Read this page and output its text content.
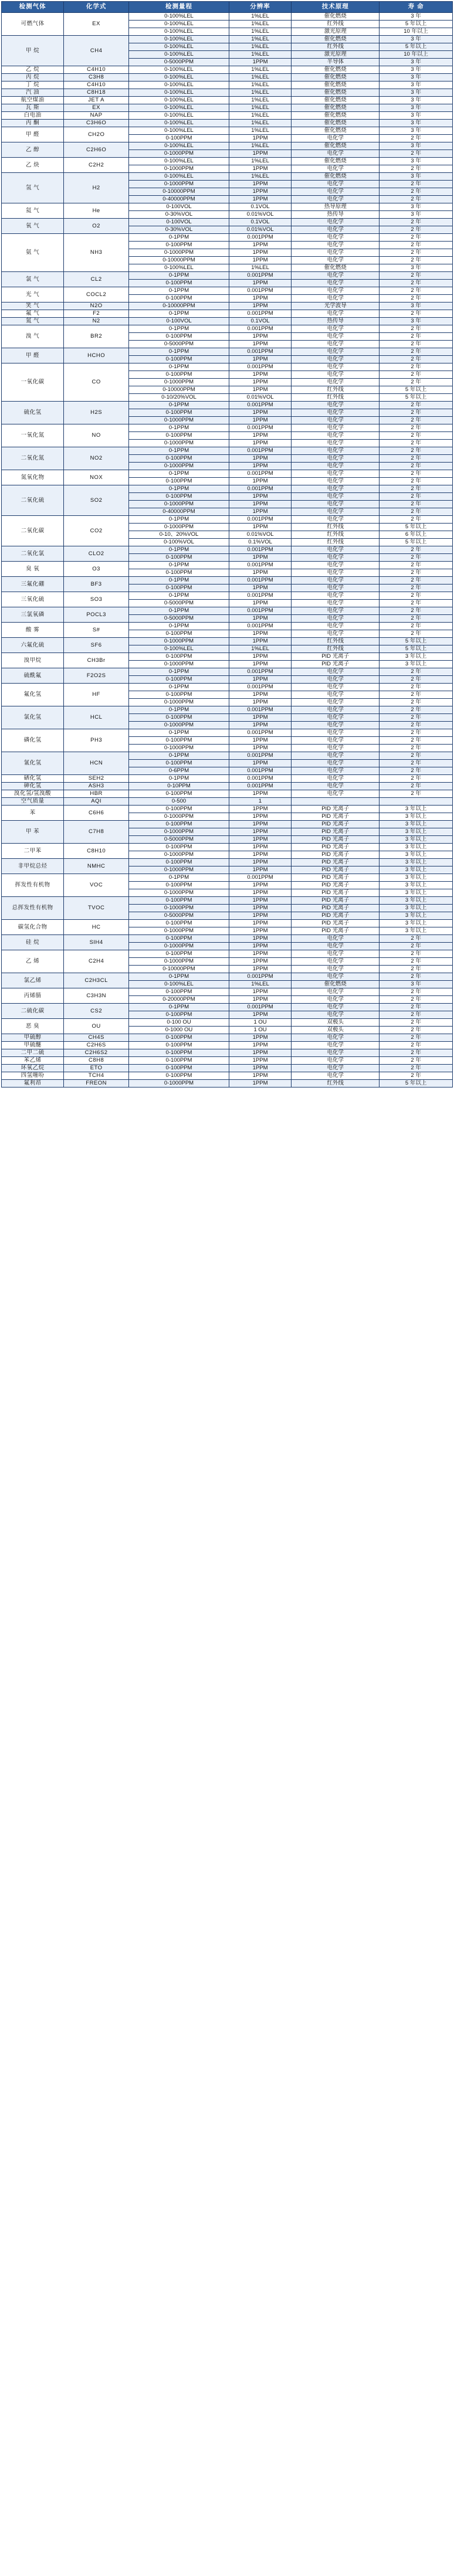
检测气体	化学式	检测量程	分辨率	技术原理	寿 命
可燃气体	EX	0-100%LEL	1%LEL	催化燃烧	3 年
		0-100%LEL	1%LEL	红外线	5 年以上
		0-100%LEL	1%LEL	激光原理	10 年以上
甲 烷	CH4	0-100%LEL	1%LEL	催化燃烧	3 年
		0-100%LEL	1%LEL	红外线	5 年以上
		0-100%LEL	1%LEL	激光原理	10 年以上
		0-5000PPM	1PPM	半导体	3 年
乙 烷	C4H10	0-100%LEL	1%LEL	催化燃烧	3 年
丙 烷	C3H8	0-100%LEL	1%LEL	催化燃烧	3 年
丁 烷	C4H10	0-100%LEL	1%LEL	催化燃烧	3 年
汽 油	C8H18	0-100%LEL	1%LEL	催化燃烧	3 年
航空煤油	JET A	0-100%LEL	1%LEL	催化燃烧	3 年
瓦 斯	EX	0-100%LEL	1%LEL	催化燃烧	3 年
白电油	NAP	0-100%LEL	1%LEL	催化燃烧	3 年
丙 酮	C3H6O	0-100%LEL	1%LEL	催化燃烧	3 年
甲 醛	CH2O	0-100%LEL	1%LEL	催化燃烧	3 年
		0-100PPM	1PPM	电化学	2 年
乙 醇	C2H6O	0-100%LEL	1%LEL	催化燃烧	3 年
		0-1000PPM	1PPM	电化学	2 年
乙 炔	C2H2	0-100%LEL	1%LEL	催化燃烧	3 年
		0-1000PPM	1PPM	电化学	2 年
氢 气	H2	0-100%LEL	1%LEL	催化燃烧	3 年
		0-1000PPM	1PPM	电化学	2 年
		0-10000PPM	1PPM	电化学	2 年
		0-40000PPM	1PPM	电化学	2 年
氦 气	He	0-100VOL	0.1VOL	热导原理	3 年
		0-30%VOL	0.01%VOL	热传导	3 年
氧 气	O2	0-100VOL	0.1VOL	电化学	2 年
		0-30%VOL	0.01%VOL	电化学	2 年
氨 气	NH3	0-1PPM	0.001PPM	电化学	2 年
		0-100PPM	1PPM	电化学	2 年
		0-1000PPM	1PPM	电化学	2 年
		0-10000PPM	1PPM	电化学	2 年
		0-100%LEL	1%LEL	催化燃烧	3 年
氯 气	CL2	0-1PPM	0.001PPM	电化学	2 年
		0-100PPM	1PPM	电化学	2 年
光 气	COCL2	0-1PPM	0.001PPM	电化学	2 年
		0-100PPM	1PPM	电化学	2 年
笑 气	N2O	0-10000PPM	1PPM	光学波导	3 年
氟 气	F2	0-1PPM	0.001PPM	电化学	2 年
氮 气	N2	0-100VOL	0.1VOL	热传导	3 年
溴 气	BR2	0-1PPM	0.001PPM	电化学	2 年
		0-100PPM	1PPM	电化学	2 年
		0-5000PPM	1PPM	电化学	2 年
甲 醛	HCHO	0-1PPM	0.001PPM	电化学	2 年
		0-100PPM	1PPM	电化学	2 年
一氧化碳	CO	0-1PPM	0.001PPM	电化学	2 年
		0-100PPM	1PPM	电化学	2 年
		0-1000PPM	1PPM	电化学	2 年
		0-10000PPM	1PPM	红外线	5 年以上
		0-10/20%VOL	0.01%VOL	红外线	5 年以上
硫化氢	H2S	0-1PPM	0.001PPM	电化学	2 年
		0-100PPM	1PPM	电化学	2 年
		0-1000PPM	1PPM	电化学	2 年
一氧化氮	NO	0-1PPM	0.001PPM	电化学	2 年
		0-100PPM	1PPM	电化学	2 年
		0-1000PPM	1PPM	电化学	2 年
二氧化氮	NO2	0-1PPM	0.001PPM	电化学	2 年
		0-100PPM	1PPM	电化学	2 年
		0-1000PPM	1PPM	电化学	2 年
氮氧化物	NOX	0-1PPM	0.001PPM	电化学	2 年
		0-100PPM	1PPM	电化学	2 年
二氧化硫	SO2	0-1PPM	0.001PPM	电化学	2 年
		0-100PPM	1PPM	电化学	2 年
		0-1000PPM	1PPM	电化学	2 年
		0-40000PPM	1PPM	电化学	2 年
二氧化碳	CO2	0-1PPM	0.001PPM	电化学	2 年
		0-1000PPM	1PPM	红外线	5 年以上
		0-10、20%VOL	0.01%VOL	红外线	6 年以上
		0-100%VOL	0.1%VOL	红外线	5 年以上
二氧化氯	CLO2	0-1PPM	0.001PPM	电化学	2 年
		0-100PPM	1PPM	电化学	2 年
臭 氧	O3	0-1PPM	0.001PPM	电化学	2 年
		0-100PPM	1PPM	电化学	2 年
三氟化硼	BF3	0-1PPM	0.001PPM	电化学	2 年
		0-100PPM	1PPM	电化学	2 年
三氧化硫	SO3	0-1PPM	0.001PPM	电化学	2 年
		0-5000PPM	1PPM	电化学	2 年
三氯氧磷	POCL3	0-1PPM	0.001PPM	电化学	2 年
		0-5000PPM	1PPM	电化学	2 年
酸 雾	S#	0-1PPM	0.001PPM	电化学	2 年
		0-100PPM	1PPM	电化学	2 年
六氟化硫	SF6	0-1000PPM	1PPM	红外线	5 年以上
		0-100%LEL	1%LEL	红外线	5 年以上
溴甲烷	CH3Br	0-100PPM	1PPM	PID 光离子	3 年以上
		0-1000PPM	1PPM	PID 光离子	3 年以上
硫酰氟	F2O2S	0-1PPM	0.001PPM	电化学	2 年
		0-100PPM	1PPM	电化学	2 年
氟化氢	HF	0-1PPM	0.001PPM	电化学	2 年
		0-100PPM	1PPM	电化学	2 年
		0-1000PPM	1PPM	电化学	2 年
氯化氢	HCL	0-1PPM	0.001PPM	电化学	2 年
		0-100PPM	1PPM	电化学	2 年
		0-1000PPM	1PPM	电化学	2 年
磷化氢	PH3	0-1PPM	0.001PPM	电化学	2 年
		0-100PPM	1PPM	电化学	2 年
		0-1000PPM	1PPM	电化学	2 年
氰化氢	HCN	0-1PPM	0.001PPM	电化学	2 年
		0-100PPM	1PPM	电化学	2 年
		0-6PPM	0.001PPM	电化学	2 年
硒化氢	SEH2	0-1PPM	0.001PPM	电化学	2 年
砷化氢	ASH3	0-10PPM	0.001PPM	电化学	2 年
溴化氢/氢溴酸	HBR	0-100PPM	1PPM	电化学	2 年
空气质量	AQI	0-500	1		
苯	C6H6	0-100PPM	1PPM	PID 光离子	3 年以上
		0-1000PPM	1PPM	PID 光离子	3 年以上
甲 苯	C7H8	0-100PPM	1PPM	PID 光离子	3 年以上
		0-1000PPM	1PPM	PID 光离子	3 年以上
		0-5000PPM	1PPM	PID 光离子	3 年以上
二甲苯	C8H10	0-100PPM	1PPM	PID 光离子	3 年以上
		0-1000PPM	1PPM	PID 光离子	3 年以上
非甲烷总烃	NMHC	0-100PPM	1PPM	PID 光离子	3 年以上
		0-1000PPM	1PPM	PID 光离子	3 年以上
挥发性有机物	VOC	0-1PPM	0.001PPM	PID 光离子	3 年以上
		0-100PPM	1PPM	PID 光离子	3 年以上
		0-1000PPM	1PPM	PID 光离子	3 年以上
总挥发性有机物	TVOC	0-100PPM	1PPM	PID 光离子	3 年以上
		0-1000PPM	1PPM	PID 光离子	3 年以上
		0-5000PPM	1PPM	PID 光离子	3 年以上
碳氢化合物	HC	0-100PPM	1PPM	PID 光离子	3 年以上
		0-1000PPM	1PPM	PID 光离子	3 年以上
硅 烷	SIH4	0-100PPM	1PPM	电化学	2 年
		0-1000PPM	1PPM	电化学	2 年
乙 烯	C2H4	0-100PPM	1PPM	电化学	2 年
		0-1000PPM	1PPM	电化学	2 年
		0-10000PPM	1PPM	电化学	2 年
氯乙烯	C2H3CL	0-1PPM	0.001PPM	电化学	2 年
		0-100%LEL	1%LEL	催化燃烧	3 年
丙烯腈	C3H3N	0-100PPM	1PPM	电化学	2 年
		0-20000PPM	1PPM	电化学	2 年
二硫化碳	CS2	0-1PPM	0.001PPM	电化学	2 年
		0-100PPM	1PPM	电化学	2 年
恶 臭	OU	0-100 OU	1 OU	双极头	2 年
		0-1000 OU	1 OU	双极头	2 年
甲硫醇	CH4S	0-100PPM	1PPM	电化学	2 年
甲硫醚	C2H6S	0-100PPM	1PPM	电化学	2 年
二甲二硫	C2H6S2	0-100PPM	1PPM	电化学	2 年
苯乙烯	C8H8	0-100PPM	1PPM	电化学	2 年
环氧乙烷	ETO	0-100PPM	1PPM	电化学	2 年
四氢噻吩	TCH4	0-100PPM	1PPM	电化学	2 年
氟利昂	FREON	0-1000PPM	1PPM	红外线	5 年以上
